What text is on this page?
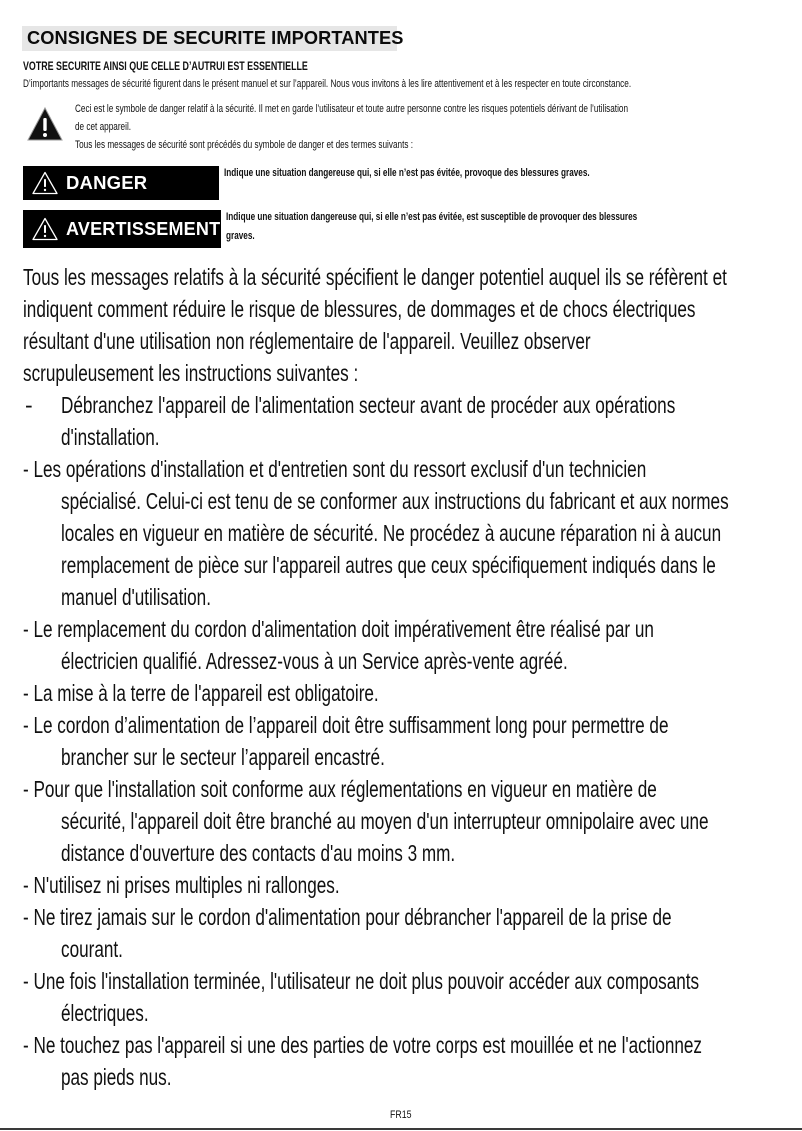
CONSIGNES DE SECURITE IMPORTANTES
VOTRE SECURITE AINSI QUE CELLE D’AUTRUI EST ESSENTIELLE
D’importants messages de sécurité figurent dans le présent manuel et sur l’appareil. Nous vous invitons à les lire attentivement et à les respecter en toute circonstance.
Ceci est le symbole de danger relatif à la sécurité. Il met en garde l’utilisateur et toute autre personne contre les risques potentiels dérivant de l’utilisation
de cet appareil.
Tous les messages de sécurité sont précédés du symbole de danger et des termes suivants :
DANGER	Indique une situation dangereuse qui, si elle n’est pas évitée, provoque des blessures graves.
AVERTISSEMENT
Indique une situation dangereuse qui, si elle n’est pas évitée, est susceptible de provoquer des blessures
graves.
Tous les messages relatifs à la sécurité spécifient le danger potentiel auquel ils se réfèrent et
indiquent comment réduire le risque de blessures, de dommages et de chocs électriques
résultant d'une utilisation non réglementaire de l'appareil. Veuillez observer
scrupuleusement les instructions suivantes :
- Débranchez l'appareil de l'alimentation secteur avant de procéder aux opérations
d'installation.
- Les opérations d'installation et d'entretien sont du ressort exclusif d'un technicien
spécialisé. Celui-ci est tenu de se conformer aux instructions du fabricant et aux normes
locales en vigueur en matière de sécurité. Ne procédez à aucune réparation ni à aucun
remplacement de pièce sur l'appareil autres que ceux spécifiquement indiqués dans le
manuel d'utilisation.
- Le remplacement du cordon d'alimentation doit impérativement être réalisé par un
électricien qualifié. Adressez-vous à un Service après-vente agréé.
- La mise à la terre de l'appareil est obligatoire.
- Le cordon d’alimentation de l’appareil doit être suffisamment long pour permettre de
brancher sur le secteur l’appareil encastré.
- Pour que l'installation soit conforme aux réglementations en vigueur en matière de
sécurité, l'appareil doit être branché au moyen d'un interrupteur omnipolaire avec une
distance d'ouverture des contacts d'au moins 3 mm.
- N'utilisez ni prises multiples ni rallonges.
- Ne tirez jamais sur le cordon d'alimentation pour débrancher l'appareil de la prise de
courant.
- Une fois l'installation terminée, l'utilisateur ne doit plus pouvoir accéder aux composants
électriques.
- Ne touchez pas l'appareil si une des parties de votre corps est mouillée et ne l'actionnez
pas pieds nus.
FR15
